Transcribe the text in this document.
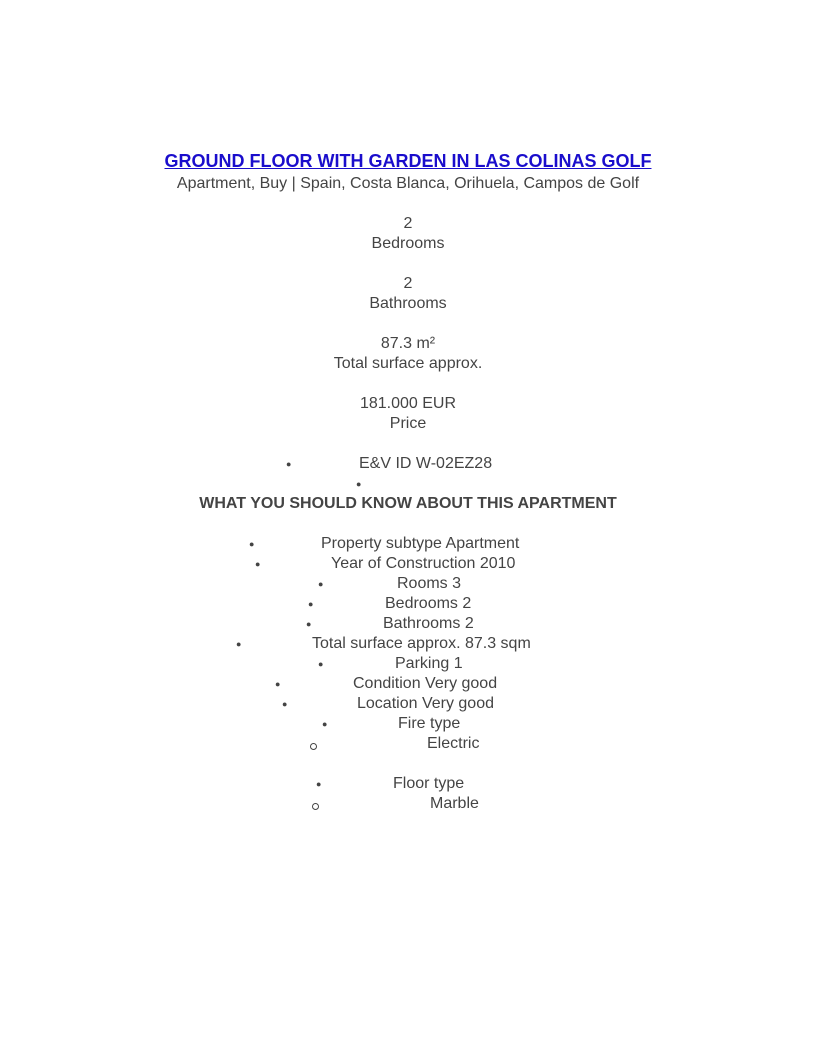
GROUND FLOOR WITH GARDEN IN LAS COLINAS GOLF
Apartment, Buy | Spain, Costa Blanca, Orihuela, Campos de Golf
2
Bedrooms
2
Bathrooms
87.3 m²
Total surface approx.
181.000 EUR
Price
●	E&V ID W-02EZ28
●
WHAT YOU SHOULD KNOW ABOUT THIS APARTMENT
●	Property subtype Apartment
●	Year of Construction 2010
●	Rooms 3
●	Bedrooms 2
●	Bathrooms 2
●	Total surface approx. 87.3 sqm
●	Parking 1
●	Condition Very good
●	Location Very good
●	Fire type
Electric
●	Floor type
Marble
